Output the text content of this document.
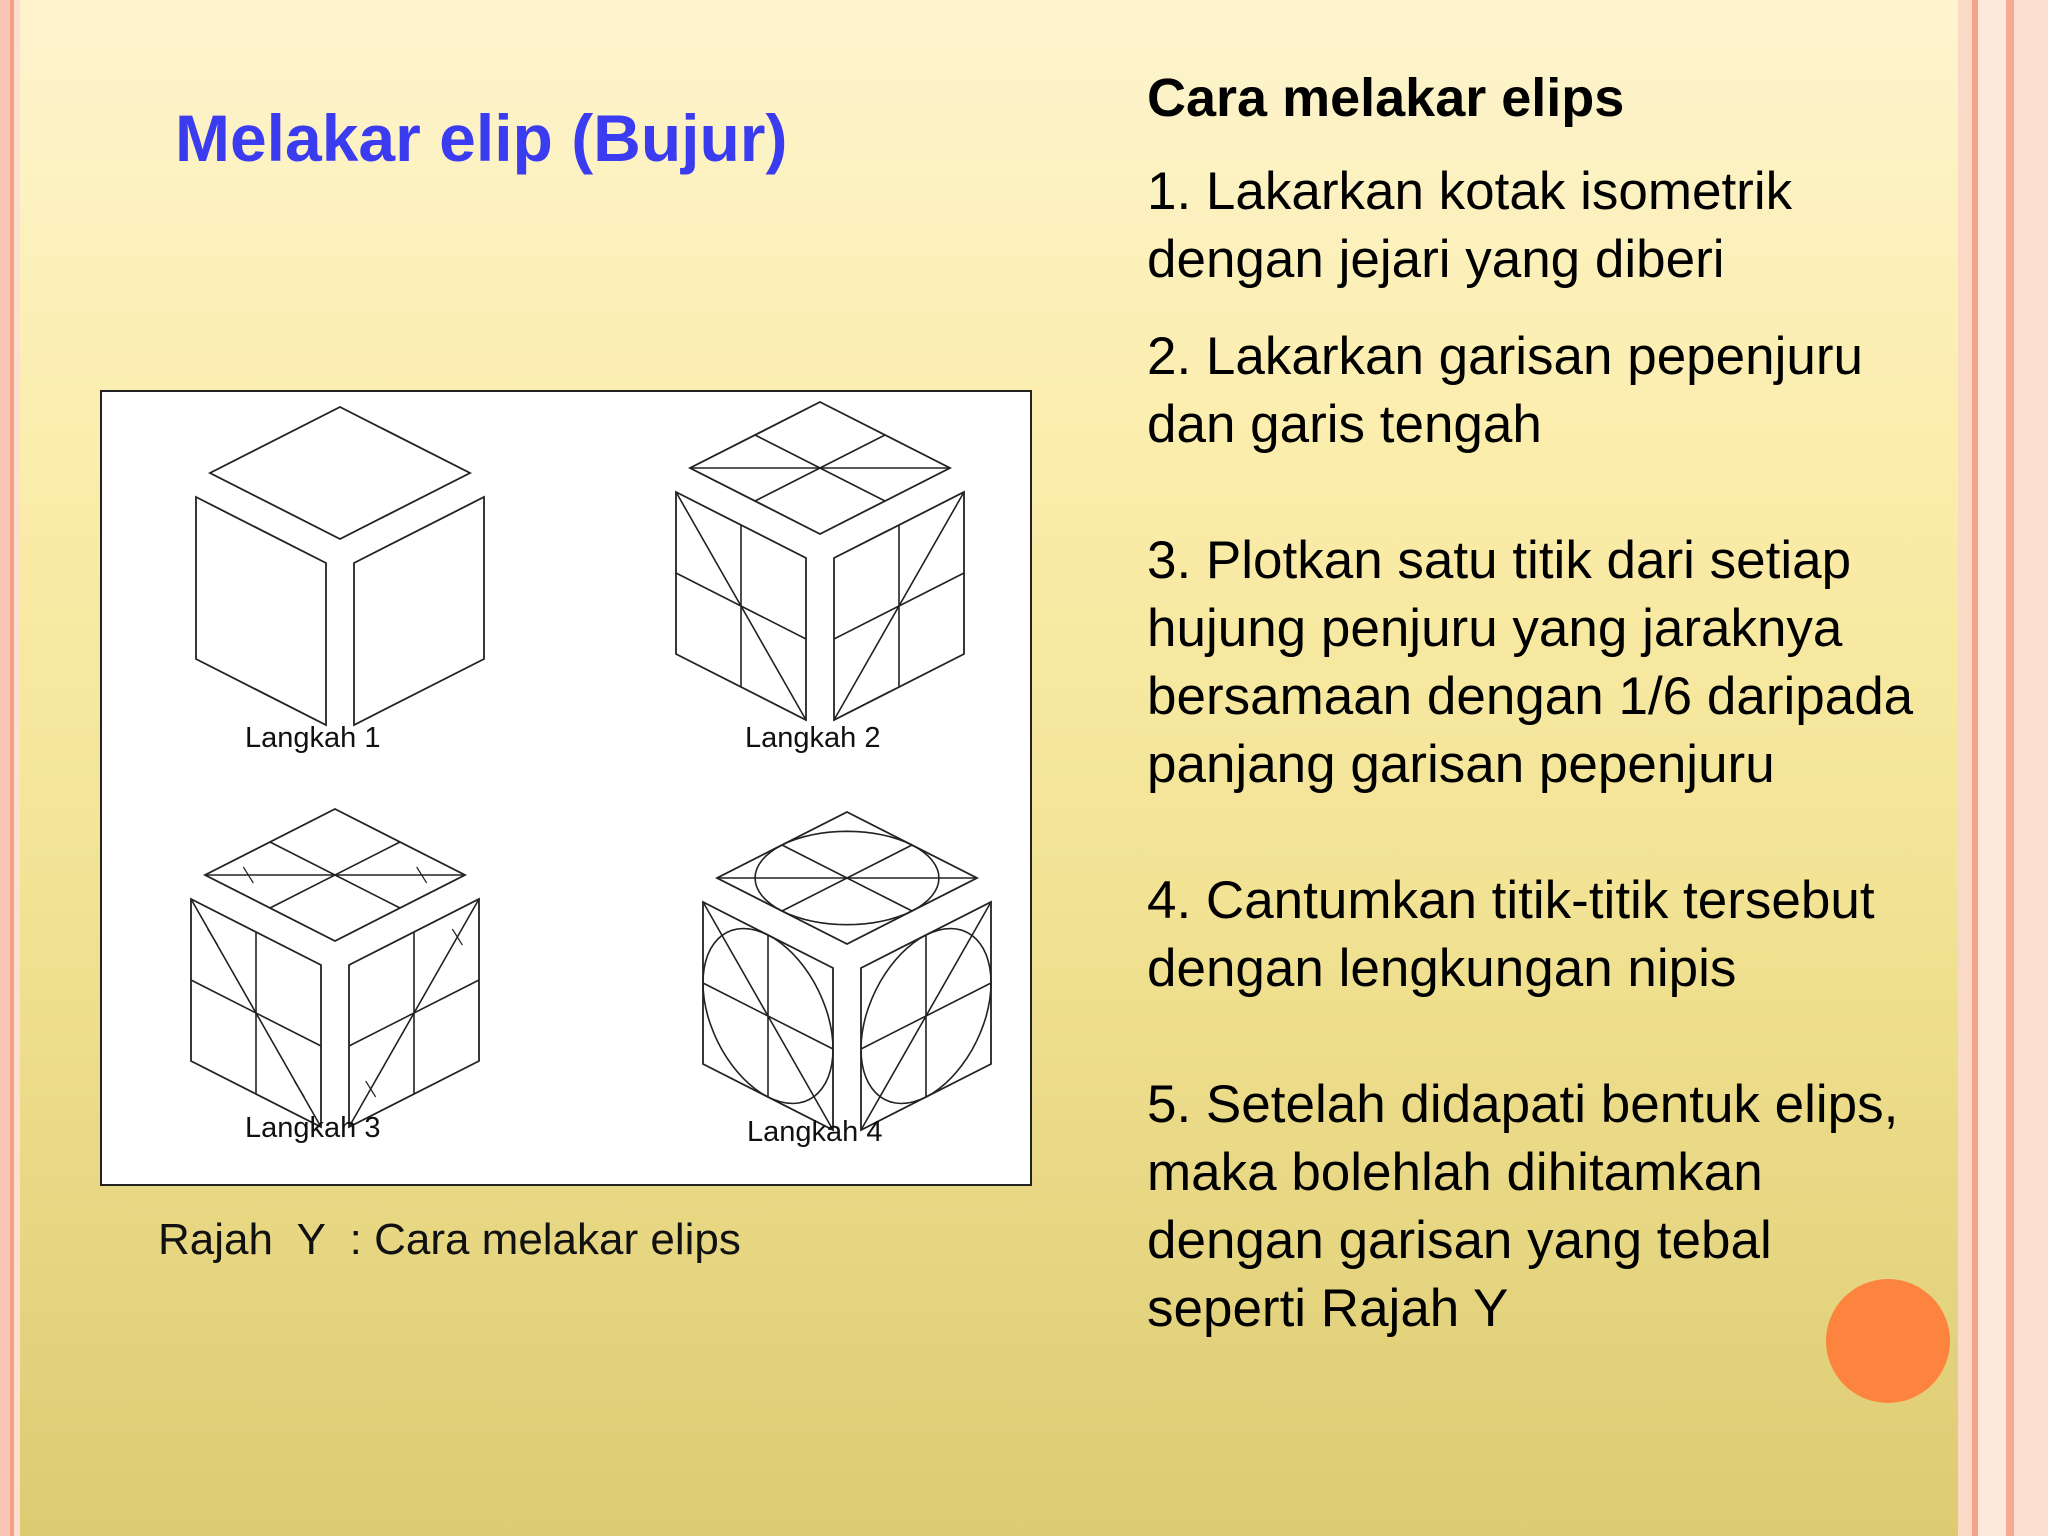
Melakar elip (Bujur)
Langkah 1	Langkah 2
Langkah 3	Langkah 4
Rajah  Y  : Cara melakar elips
Cara melakar elips
1. Lakarkan kotak isometrik
dengan jejari yang diberi
2. Lakarkan garisan pepenjuru
dan garis tengah
3. Plotkan satu titik dari setiap
hujung penjuru yang jaraknya
bersamaan dengan 1/6 daripada
panjang garisan pepenjuru
4. Cantumkan titik-titik tersebut
dengan lengkungan nipis
5. Setelah didapati bentuk elips,
maka bolehlah dihitamkan
dengan garisan yang tebal
seperti Rajah Y
